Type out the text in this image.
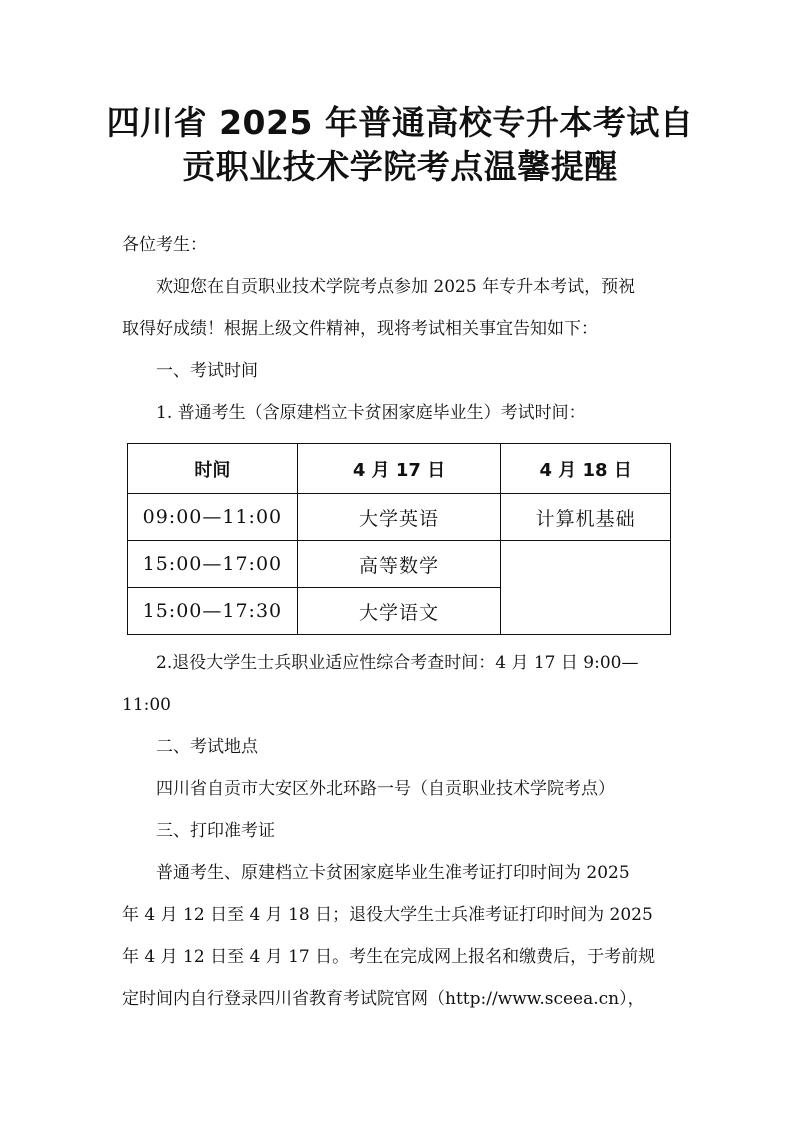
四川省 2025 年普通高校专升本考试自
贡职业技术学院考点温馨提醒
各位考生：
欢迎您在自贡职业技术学院考点参加 2025 年专升本考试，预祝
取得好成绩！根据上级文件精神，现将考试相关事宜告知如下：
一、考试时间
1. 普通考生（含原建档立卡贫困家庭毕业生）考试时间：
时间	4 月 17 日	4 月 18 日
09:00—11:00	大学英语	计算机基础
15:00—17:00	高等数学	
15:00—17:30	大学语文	
2.退役大学生士兵职业适应性综合考查时间：4 月 17 日 9:00—
11:00
二、考试地点
四川省自贡市大安区外北环路一号（自贡职业技术学院考点）
三、打印准考证
普通考生、原建档立卡贫困家庭毕业生准考证打印时间为 2025
年 4 月 12 日至 4 月 18 日；退役大学生士兵准考证打印时间为 2025
年 4 月 12 日至 4 月 17 日。考生在完成网上报名和缴费后，于考前规
定时间内自行登录四川省教育考试院官网（http://www.sceea.cn），
